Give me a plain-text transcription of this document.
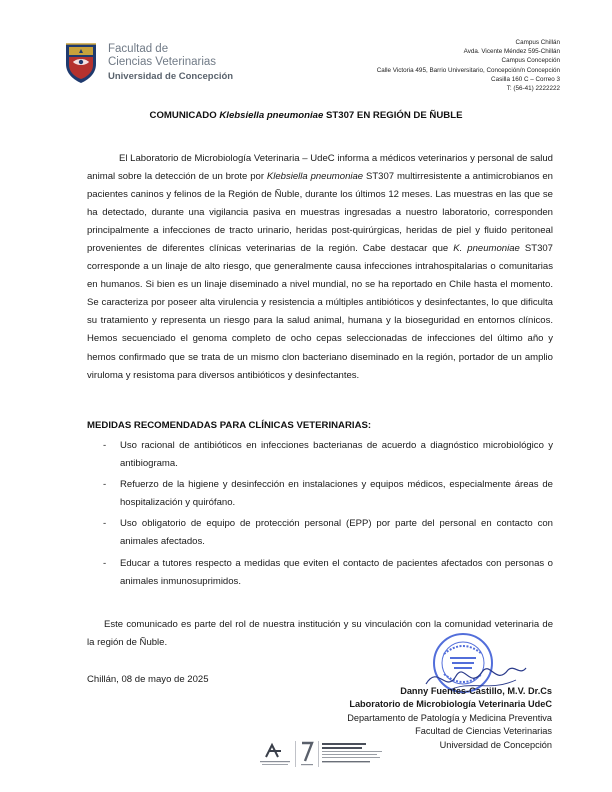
Facultad de
Ciencias Veterinarias
Universidad de Concepción
Campus Chillán
Avda. Vicente Méndez 595-Chillán
Campus Concepción
Calle Victoria 495, Barrio Universitario, Concepción/n Concepción
Casilla 160 C – Correo 3
T: (56-41) 2222222
COMUNICADO Klebsiella pneumoniae ST307 EN REGIÓN DE ÑUBLE

El Laboratorio de Microbiología Veterinaria – UdeC informa a médicos veterinarios y personal de salud animal sobre la detección de un brote por Klebsiella pneumoniae ST307 multirresistente a antimicrobianos en pacientes caninos y felinos de la Región de Ñuble, durante los últimos 12 meses. Las muestras en las que se ha detectado, durante una vigilancia pasiva en muestras ingresadas a nuestro laboratorio, corresponden principalmente a infecciones de tracto urinario, heridas post-quirúrgicas, heridas de piel y fluido peritoneal provenientes de diferentes clínicas veterinarias de la región. Cabe destacar que K. pneumoniae ST307 corresponde a un linaje de alto riesgo, que generalmente causa infecciones intrahospitalarias o comunitarias en humanos. Si bien es un linaje diseminado a nivel mundial, no se ha reportado en Chile hasta el momento. Se caracteriza por poseer alta virulencia y resistencia a múltiples antibióticos y desinfectantes, lo que dificulta su tratamiento y representa un riesgo para la salud animal, humana y la bioseguridad en entornos clínicos. Hemos secuenciado el genoma completo de ocho cepas seleccionadas de infecciones del último año y hemos confirmado que se trata de un mismo clon bacteriano diseminado en la región, portador de un amplio viruloma y resistoma para diversos antibióticos y desinfectantes.

MEDIDAS RECOMENDADAS PARA CLÍNICAS VETERINARIAS:
- Uso racional de antibióticos en infecciones bacterianas de acuerdo a diagnóstico microbiológico y antibiograma.
- Refuerzo de la higiene y desinfección en instalaciones y equipos médicos, especialmente áreas de hospitalización y quirófano.
- Uso obligatorio de equipo de protección personal (EPP) por parte del personal en contacto con animales afectados.
- Educar a tutores respecto a medidas que eviten el contacto de pacientes afectados con personas o animales inmunosuprimidos.

Este comunicado es parte del rol de nuestra institución y su vinculación con la comunidad veterinaria de la región de Ñuble.

Chillán, 08 de mayo de 2025
Danny Fuentes-Castillo, M.V. Dr.Cs
Laboratorio de Microbiología Veterinaria UdeC
Departamento de Patología y Medicina Preventiva
Facultad de Ciencias Veterinarias
Universidad de Concepción
